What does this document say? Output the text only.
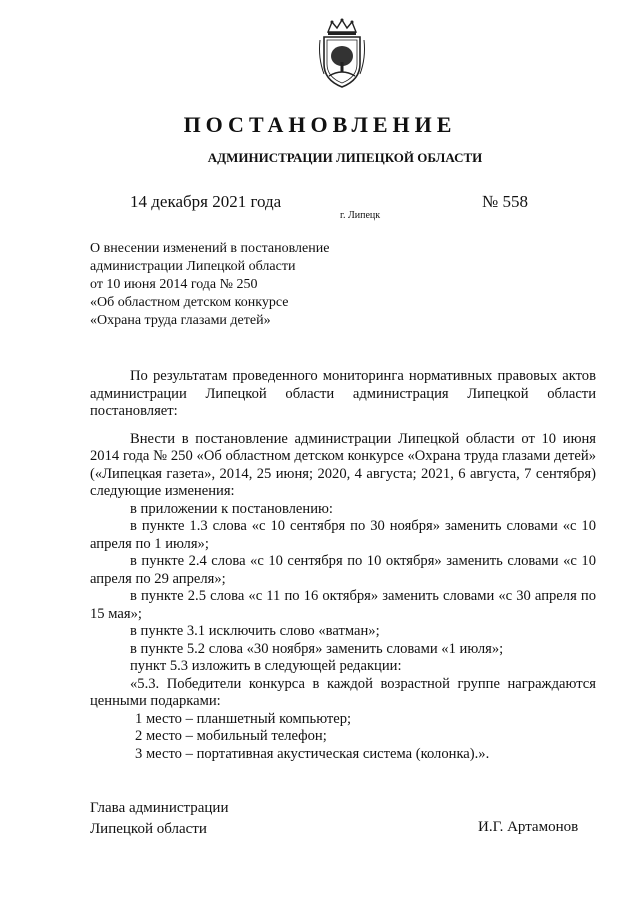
ПОСТАНОВЛЕНИЕ
АДМИНИСТРАЦИИ ЛИПЕЦКОЙ ОБЛАСТИ
14 декабря 2021 года	№ 558
г. Липецк
О внесении изменений в постановление
администрации Липецкой области
от 10 июня 2014 года № 250
«Об областном детском конкурсе
«Охрана труда глазами детей»

По результатам проведенного мониторинга нормативных правовых актов администрации Липецкой области администрация Липецкой области постановляет:

Внести в постановление администрации Липецкой области от 10 июня 2014 года № 250 «Об областном детском конкурсе «Охрана труда глазами детей» («Липецкая газета», 2014, 25 июня; 2020, 4 августа; 2021, 6 августа, 7 сентября) следующие изменения:

в приложении к постановлению:

в пункте 1.3 слова «с 10 сентября по 30 ноября» заменить словами «с 10 апреля по 1 июля»;

в пункте 2.4 слова «с 10 сентября по 10 октября» заменить словами «с 10 апреля по 29 апреля»;

в пункте 2.5 слова «с 11 по 16 октября» заменить словами «с 30 апреля по 15 мая»;

в пункте 3.1 исключить слово «ватман»;

в пункте 5.2 слова «30 ноября» заменить словами «1 июля»;

пункт 5.3 изложить в следующей редакции:

«5.3. Победители конкурса в каждой возрастной группе награждаются ценными подарками:

1 место – планшетный компьютер;

2 место – мобильный телефон;

3 место – портативная акустическая система (колонка).».

Глава администрации
Липецкой области	И.Г. Артамонов
